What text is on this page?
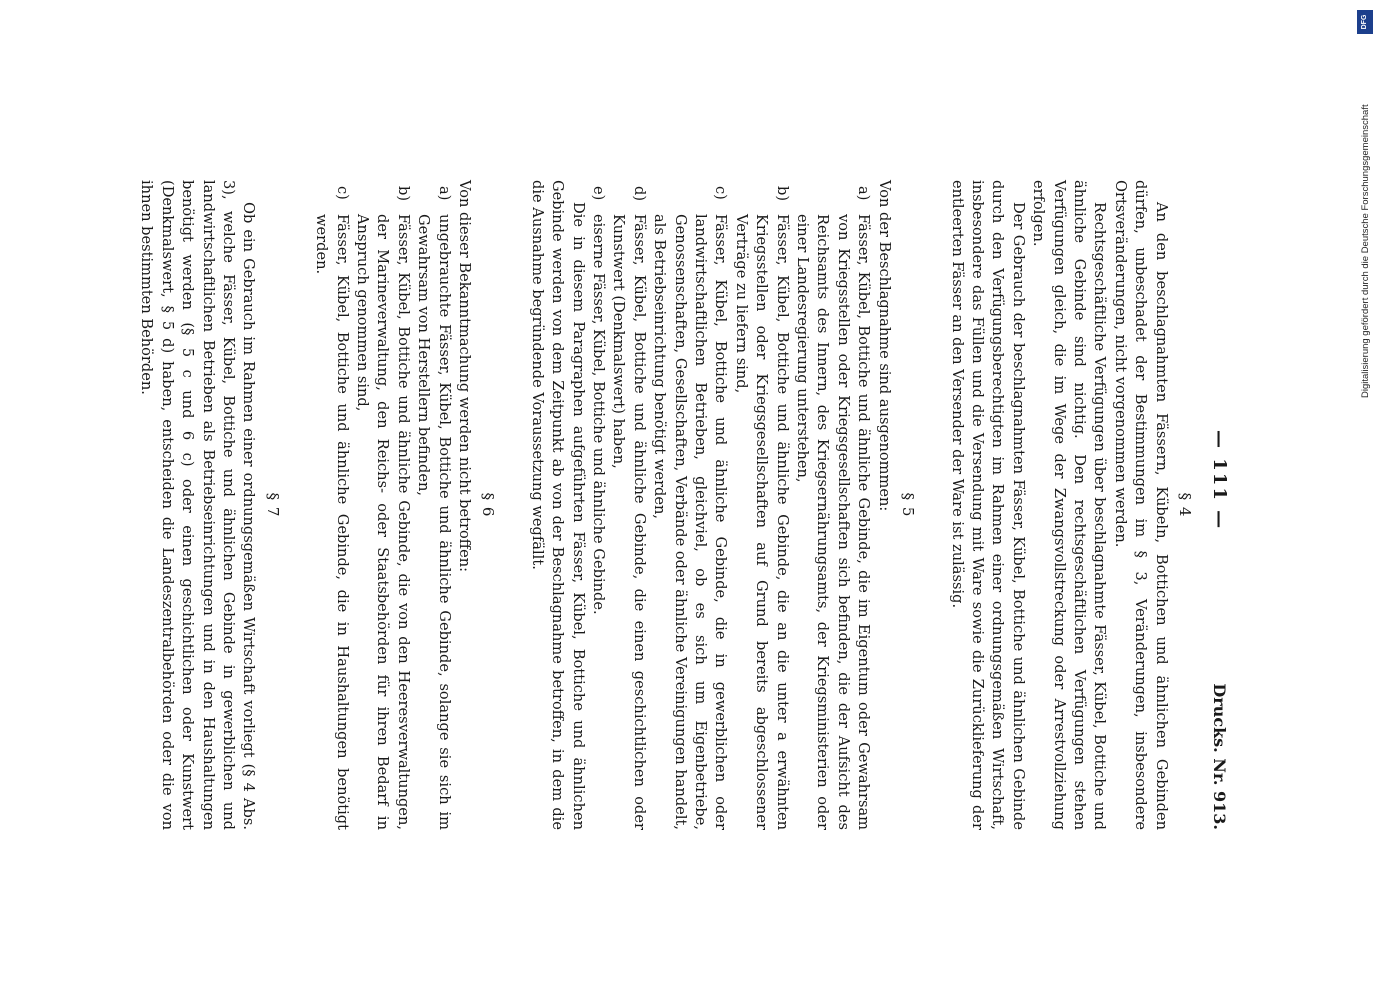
— 111 —
Drucks. Nr. 913.
§ 4

An den beschlagnahmten Fässern, Kübeln, Bottichen und ähnlichen Gebinden dürfen, unbeschadet der Bestimmungen im § 3, Veränderungen, insbesondere Ortsveränderungen, nicht vorgenommen werden.

Rechtsgeschäftliche Verfügungen über beschlagnahmte Fässer, Kübel, Bottiche und ähnliche Gebinde sind nichtig. Den rechtsgeschäftlichen Verfügungen stehen Verfügungen gleich, die im Wege der Zwangsvollstreckung oder Arrestvollziehung erfolgen.

Der Gebrauch der beschlagnahmten Fässer, Kübel, Bottiche und ähnlichen Gebinde durch den Verfügungsberechtigten im Rahmen einer ordnungsgemäßen Wirtschaft, insbesondere das Füllen und die Versendung mit Ware sowie die Zurücklieferung der entleerten Fässer an den Versender der Ware ist zulässig.

§ 5

Von der Beschlagnahme sind ausgenommen:

a)
Fässer, Kübel, Bottiche und ähnliche Gebinde, die im Eigentum oder Gewahrsam von Kriegsstellen oder Kriegsgesellschaften sich befinden, die der Aufsicht des Reichsamts des Innern, des Kriegsernährungsamts, der Kriegsministerien oder einer Landesregierung unterstehen,
b)
Fässer, Kübel, Bottiche und ähnliche Gebinde, die an die unter a erwähnten Kriegsstellen oder Kriegsgesellschaften auf Grund bereits abgeschlossener Verträge zu liefern sind,
c)
Fässer, Kübel, Bottiche und ähnliche Gebinde, die in gewerblichen oder landwirtschaftlichen Betrieben, gleichviel, ob es sich um Eigenbetriebe, Genossenschaften, Gesellschaften, Verbände oder ähnliche Vereinigungen handelt, als Betriebseinrichtung benötigt werden,
d)
Fässer, Kübel, Bottiche und ähnliche Gebinde, die einen geschichtlichen oder Kunstwert (Denkmalswert) haben,
e)
eiserne Fässer, Kübel, Bottiche und ähnliche Gebinde.

Die in diesem Paragraphen aufgeführten Fässer, Kübel, Bottiche und ähnlichen Gebinde werden von dem Zeitpunkt ab von der Beschlagnahme betroffen, in dem die die Ausnahme begründende Voraussetzung wegfällt.

§ 6

Von dieser Bekanntmachung werden nicht betroffen:

a)
ungebrauchte Fässer, Kübel, Bottiche und ähnliche Gebinde, solange sie sich im Gewahrsam von Herstellern befinden,
b)
Fässer, Kübel, Bottiche und ähnliche Gebinde, die von den Heeresverwaltungen, der Marineverwaltung, den Reichs- oder Staatsbehörden für ihren Bedarf in Anspruch genommen sind,
c)
Fässer, Kübel, Bottiche und ähnliche Gebinde, die in Haushaltungen benötigt werden.
§ 7

Ob ein Gebrauch im Rahmen einer ordnungsgemäßen Wirtschaft vorliegt (§ 4 Abs. 3), welche Fässer, Kübel, Bottiche und ähnlichen Gebinde in gewerblichen und landwirtschaftlichen Betrieben als Betriebseinrichtungen und in den Haushaltungen benötigt werden (§ 5 c und 6 c) oder einen geschichtlichen oder Kunstwert (Denkmalswert, § 5 d) haben, entscheiden die Landeszentralbehörden oder die von ihnen bestimmten Behörden.

DFG
Digitalisierung gefördert durch die Deutsche Forschungsgemeinschaft
